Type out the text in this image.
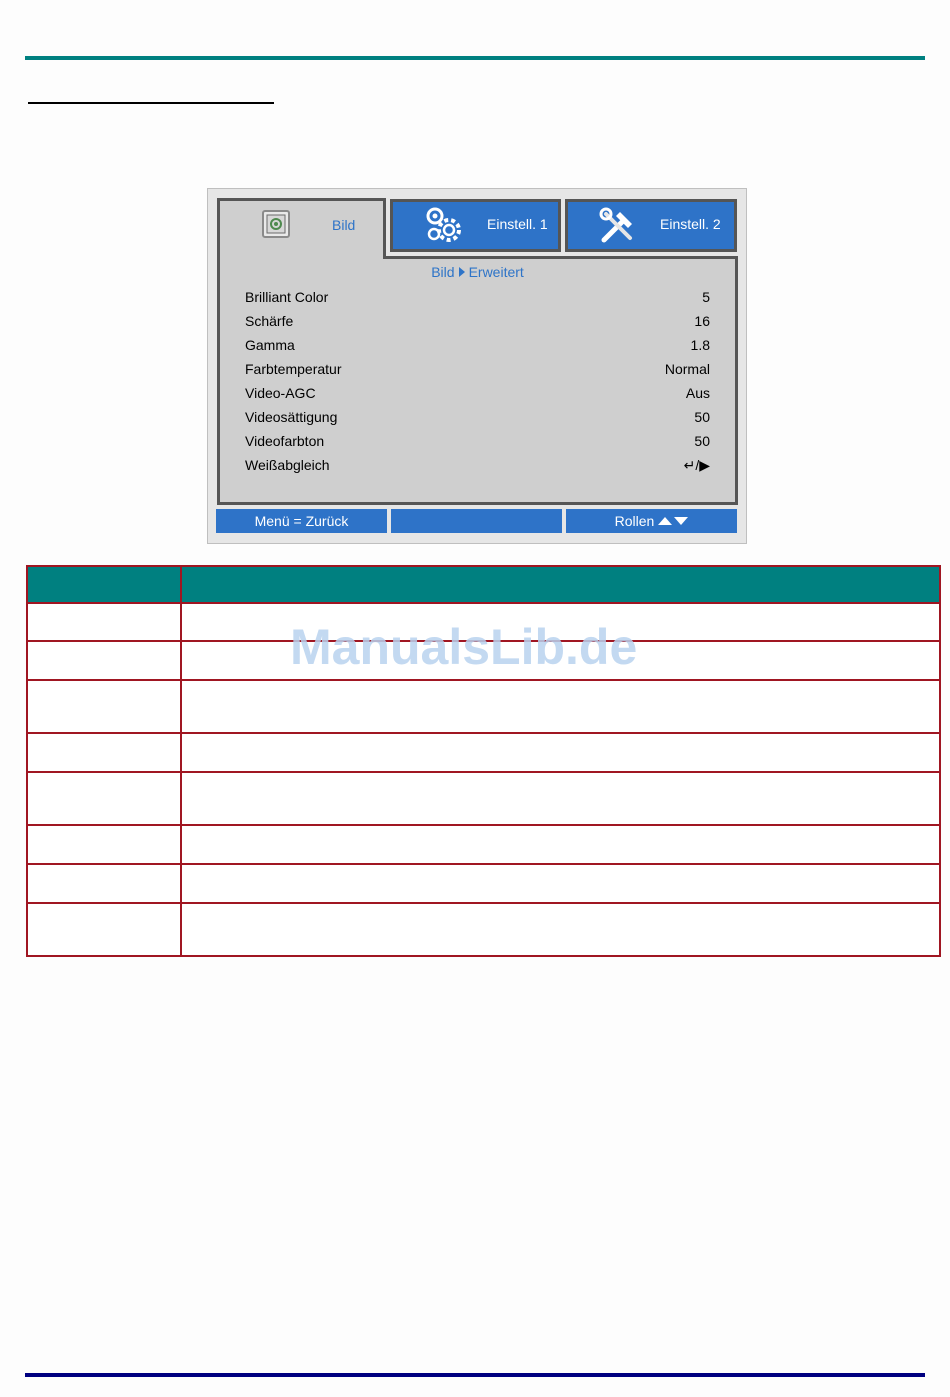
Bild	Einstell. 1	Einstell. 2
Bild Erweitert
Brilliant Color	5
Schärfe	16
Gamma	1.8
Farbtemperatur	Normal
Video-AGC	Aus
Videosättigung	50
Videofarbton	50
Weißabgleich	↵/▶
Menü = Zurück	Rollen

ManualsLib.de
